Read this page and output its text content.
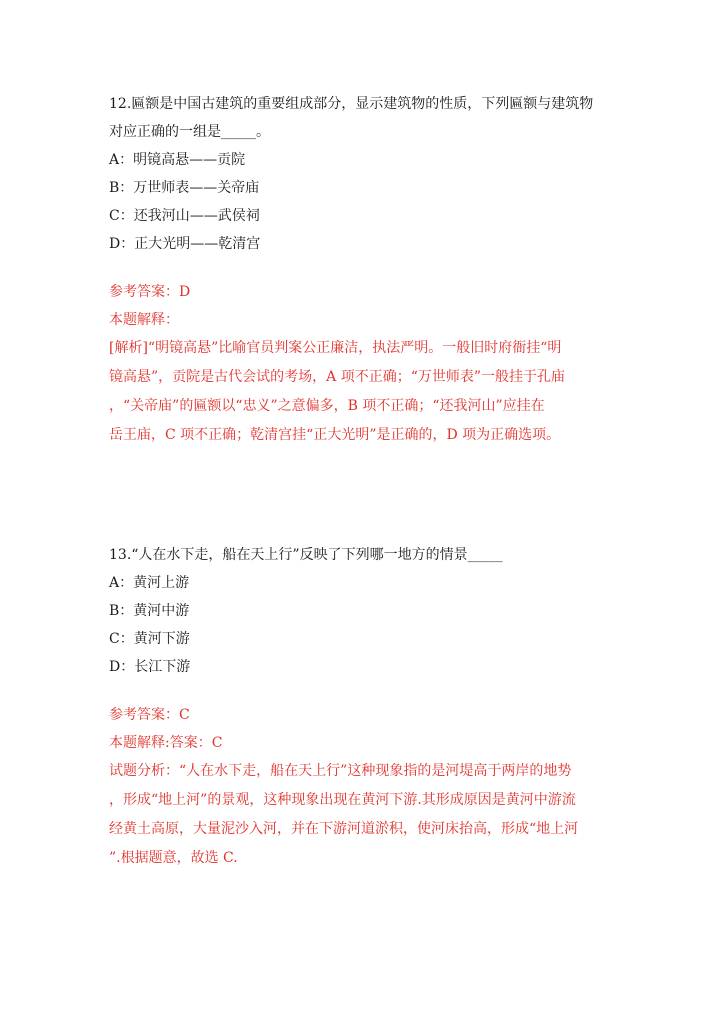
12.匾额是中国古建筑的重要组成部分，显示建筑物的性质，下列匾额与建筑物

对应正确的一组是_____。

A：明镜高悬——贡院

B：万世师表——关帝庙

C：还我河山——武侯祠

D：正大光明——乾清宫

参考答案：D

本题解释：

[解析]“明镜高悬”比喻官员判案公正廉洁，执法严明。一般旧时府衙挂“明

镜高悬”，贡院是古代会试的考场，A 项不正确；“万世师表”一般挂于孔庙

，“关帝庙”的匾额以“忠义”之意偏多，B 项不正确；“还我河山”应挂在

岳王庙，C 项不正确；乾清宫挂“正大光明”是正确的，D 项为正确选项。

13.“人在水下走，船在天上行”反映了下列哪一地方的情景_____

A：黄河上游

B：黄河中游

C：黄河下游

D：长江下游

参考答案：C

本题解释:答案：C

试题分析：“人在水下走，船在天上行”这种现象指的是河堤高于两岸的地势

，形成“地上河”的景观，这种现象出现在黄河下游.其形成原因是黄河中游流

经黄土高原，大量泥沙入河，并在下游河道淤积，使河床抬高，形成“地上河

”.根据题意，故选 C.
